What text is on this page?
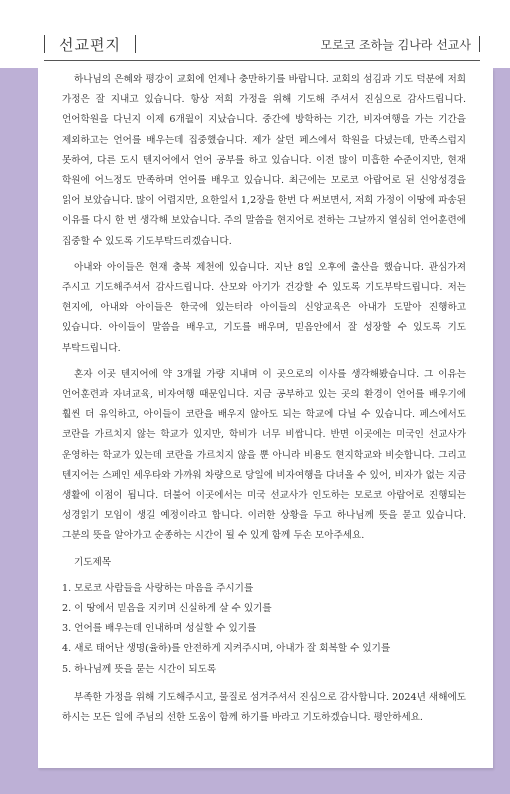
선교편지	모로코 조하늘 김나라 선교사

하나님의 은혜와 평강이 교회에 언제나 충만하기를 바랍니다. 교회의 섬김과 기도 덕분에 저희 가정은 잘 지내고 있습니다. 항상 저희 가정을 위해 기도해 주셔서 진심으로 감사드립니다. 언어학원을 다닌지 이제 6개월이 지났습니다. 중간에 방학하는 기간, 비자여행을 가는 기간을 제외하고는 언어를 배우는데 집중했습니다. 제가 살던 페스에서 학원을 다녔는데, 만족스럽지 못하여, 다른 도시 텐지어에서 언어 공부를 하고 있습니다. 이전 많이 미흡한 수준이지만, 현재 학원에 어느정도 만족하며 언어를 배우고 있습니다. 최근에는 모로코 아랍어로 된 신앙성경을 읽어 보았습니다. 많이 어렵지만, 요한일서 1,2장을 한번 다 써보면서, 저희 가정이 이땅에 파송된 이유를 다시 한 번 생각해 보았습니다. 주의 말씀을 현지어로 전하는 그날까지 열심히 언어훈련에 집중할 수 있도록 기도부탁드리겠습니다.

아내와 아이들은 현재 충북 제천에 있습니다. 지난 8일 오후에 출산을 했습니다. 관심가져 주시고 기도해주셔서 감사드립니다. 산모와 아기가 건강할 수 있도록 기도부탁드립니다. 저는 현지에, 아내와 아이들은 한국에 있는터라 아이들의 신앙교육은 아내가 도맡아 진행하고 있습니다. 아이들이 말씀을 배우고, 기도를 배우며, 믿음안에서 잘 성장할 수 있도록 기도 부탁드립니다.

혼자 이곳 텐지어에 약 3개월 가량 지내며 이 곳으로의 이사를 생각해봤습니다. 그 이유는 언어훈련과 자녀교육, 비자여행 때문입니다. 지금 공부하고 있는 곳의 환경이 언어를 배우기에 훨씬 더 유익하고, 아이들이 코란을 배우지 않아도 되는 학교에 다닐 수 있습니다. 페스에서도 코란을 가르치지 않는 학교가 있지만, 학비가 너무 비쌉니다. 반면 이곳에는 미국인 선교사가 운영하는 학교가 있는데 코란을 가르치지 않을 뿐 아니라 비용도 현지학교와 비슷합니다. 그리고 텐지어는 스페인 세우타와 가까워 차량으로 당일에 비자여행을 다녀올 수 있어, 비자가 없는 지금 생활에 이점이 됩니다. 더불어 이곳에서는 미국 선교사가 인도하는 모로코 아랍어로 진행되는 성경읽기 모임이 생길 예정이라고 합니다. 이러한 상황을 두고 하나님께 뜻을 묻고 있습니다. 그분의 뜻을 알아가고 순종하는 시간이 될 수 있게 함께 두손 모아주세요.

기도제목

1. 모로코 사람들을 사랑하는 마음을 주시기를
2. 이 땅에서 믿음을 지키며 신실하게 살 수 있기를
3. 언어를 배우는데 인내하며 성실할 수 있기를
4. 새로 태어난 생명(율하)를 안전하게 지켜주시며, 아내가 잘 회복할 수 있기를
5. 하나님께 뜻을 묻는 시간이 되도록

부족한 가정을 위해 기도해주시고, 물질로 섬겨주셔서 진심으로 감사합니다. 2024년 새해에도 하시는 모든 일에 주님의 선한 도움이 함께 하기를 바라고 기도하겠습니다. 평안하세요.
